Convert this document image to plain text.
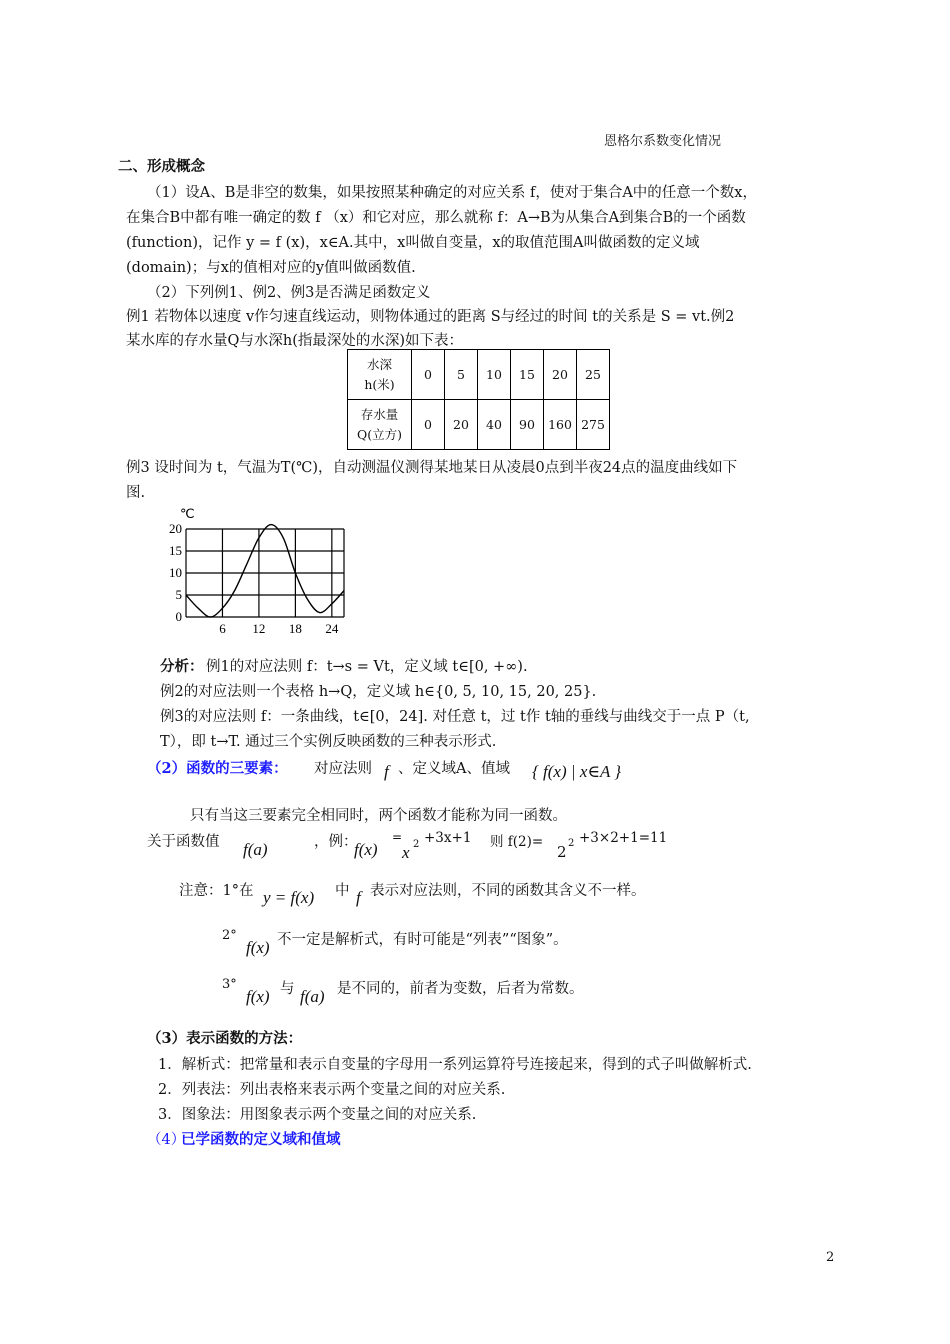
恩格尔系数变化情况
二、形成概念
（1）设A、B是非空的数集，如果按照某种确定的对应关系 f，使对于集合A中的任意一个数x，
在集合B中都有唯一确定的数 f （x）和它对应，那么就称 f：A→B为从集合A到集合B的一个函数
(function)，记作 y = f (x)，x∈A.其中，x叫做自变量，x的取值范围A叫做函数的定义域
(domain)；与x的值相对应的y值叫做函数值.
（2）下列例1、例2、例3是否满足函数定义
例1 若物体以速度 v作匀速直线运动，则物体通过的距离 S与经过的时间 t的关系是 S = vt.例2
某水库的存水量Q与水深h(指最深处的水深)如下表：
水深
h(米)	0	5	10	15	20	25
存水量
Q(立方)	0	20	40	90	160	275
例3 设时间为 t，气温为T(℃)，自动测温仪测得某地某日从凌晨0点到半夜24点的温度曲线如下
图.
℃
0
5
10
15
20
6 12 18 24
分析： 例1的对应法则 f：t→s = Vt，定义域 t∈[0, +∞).
例2的对应法则一个表格 h→Q，定义域 h∈{0, 5, 10, 15, 20, 25}.
例3的对应法则 f：一条曲线，t∈[0，24]. 对任意 t，过 t作 t轴的垂线与曲线交于一点 P（t,
T），即 t→T. 通过三个实例反映函数的三种表示形式.
（2）函数的三要素： 对应法则 f 、定义域A、值域 { f(x) | x∈A }
只有当这三要素完全相同时，两个函数才能称为同一函数。
关于函数值 f(a)	，例：
f(x)
=
x 2 +3x+1 则 f(2)=
2 2 +3×2+1=11
注意：1°在 y = f(x) 中 f 表示对应法则，不同的函数其含义不一样。
2°
f(x) 不一定是解析式，有时可能是“列表”“图象”。
3°
f(x) 与 f(a) 是不同的，前者为变数，后者为常数。
（3）表示函数的方法：
1．解析式：把常量和表示自变量的字母用一系列运算符号连接起来，得到的式子叫做解析式.
2．列表法：列出表格来表示两个变量之间的对应关系.
3．图象法：用图象表示两个变量之间的对应关系.
（4）
已学函数的定义域和值域
2
